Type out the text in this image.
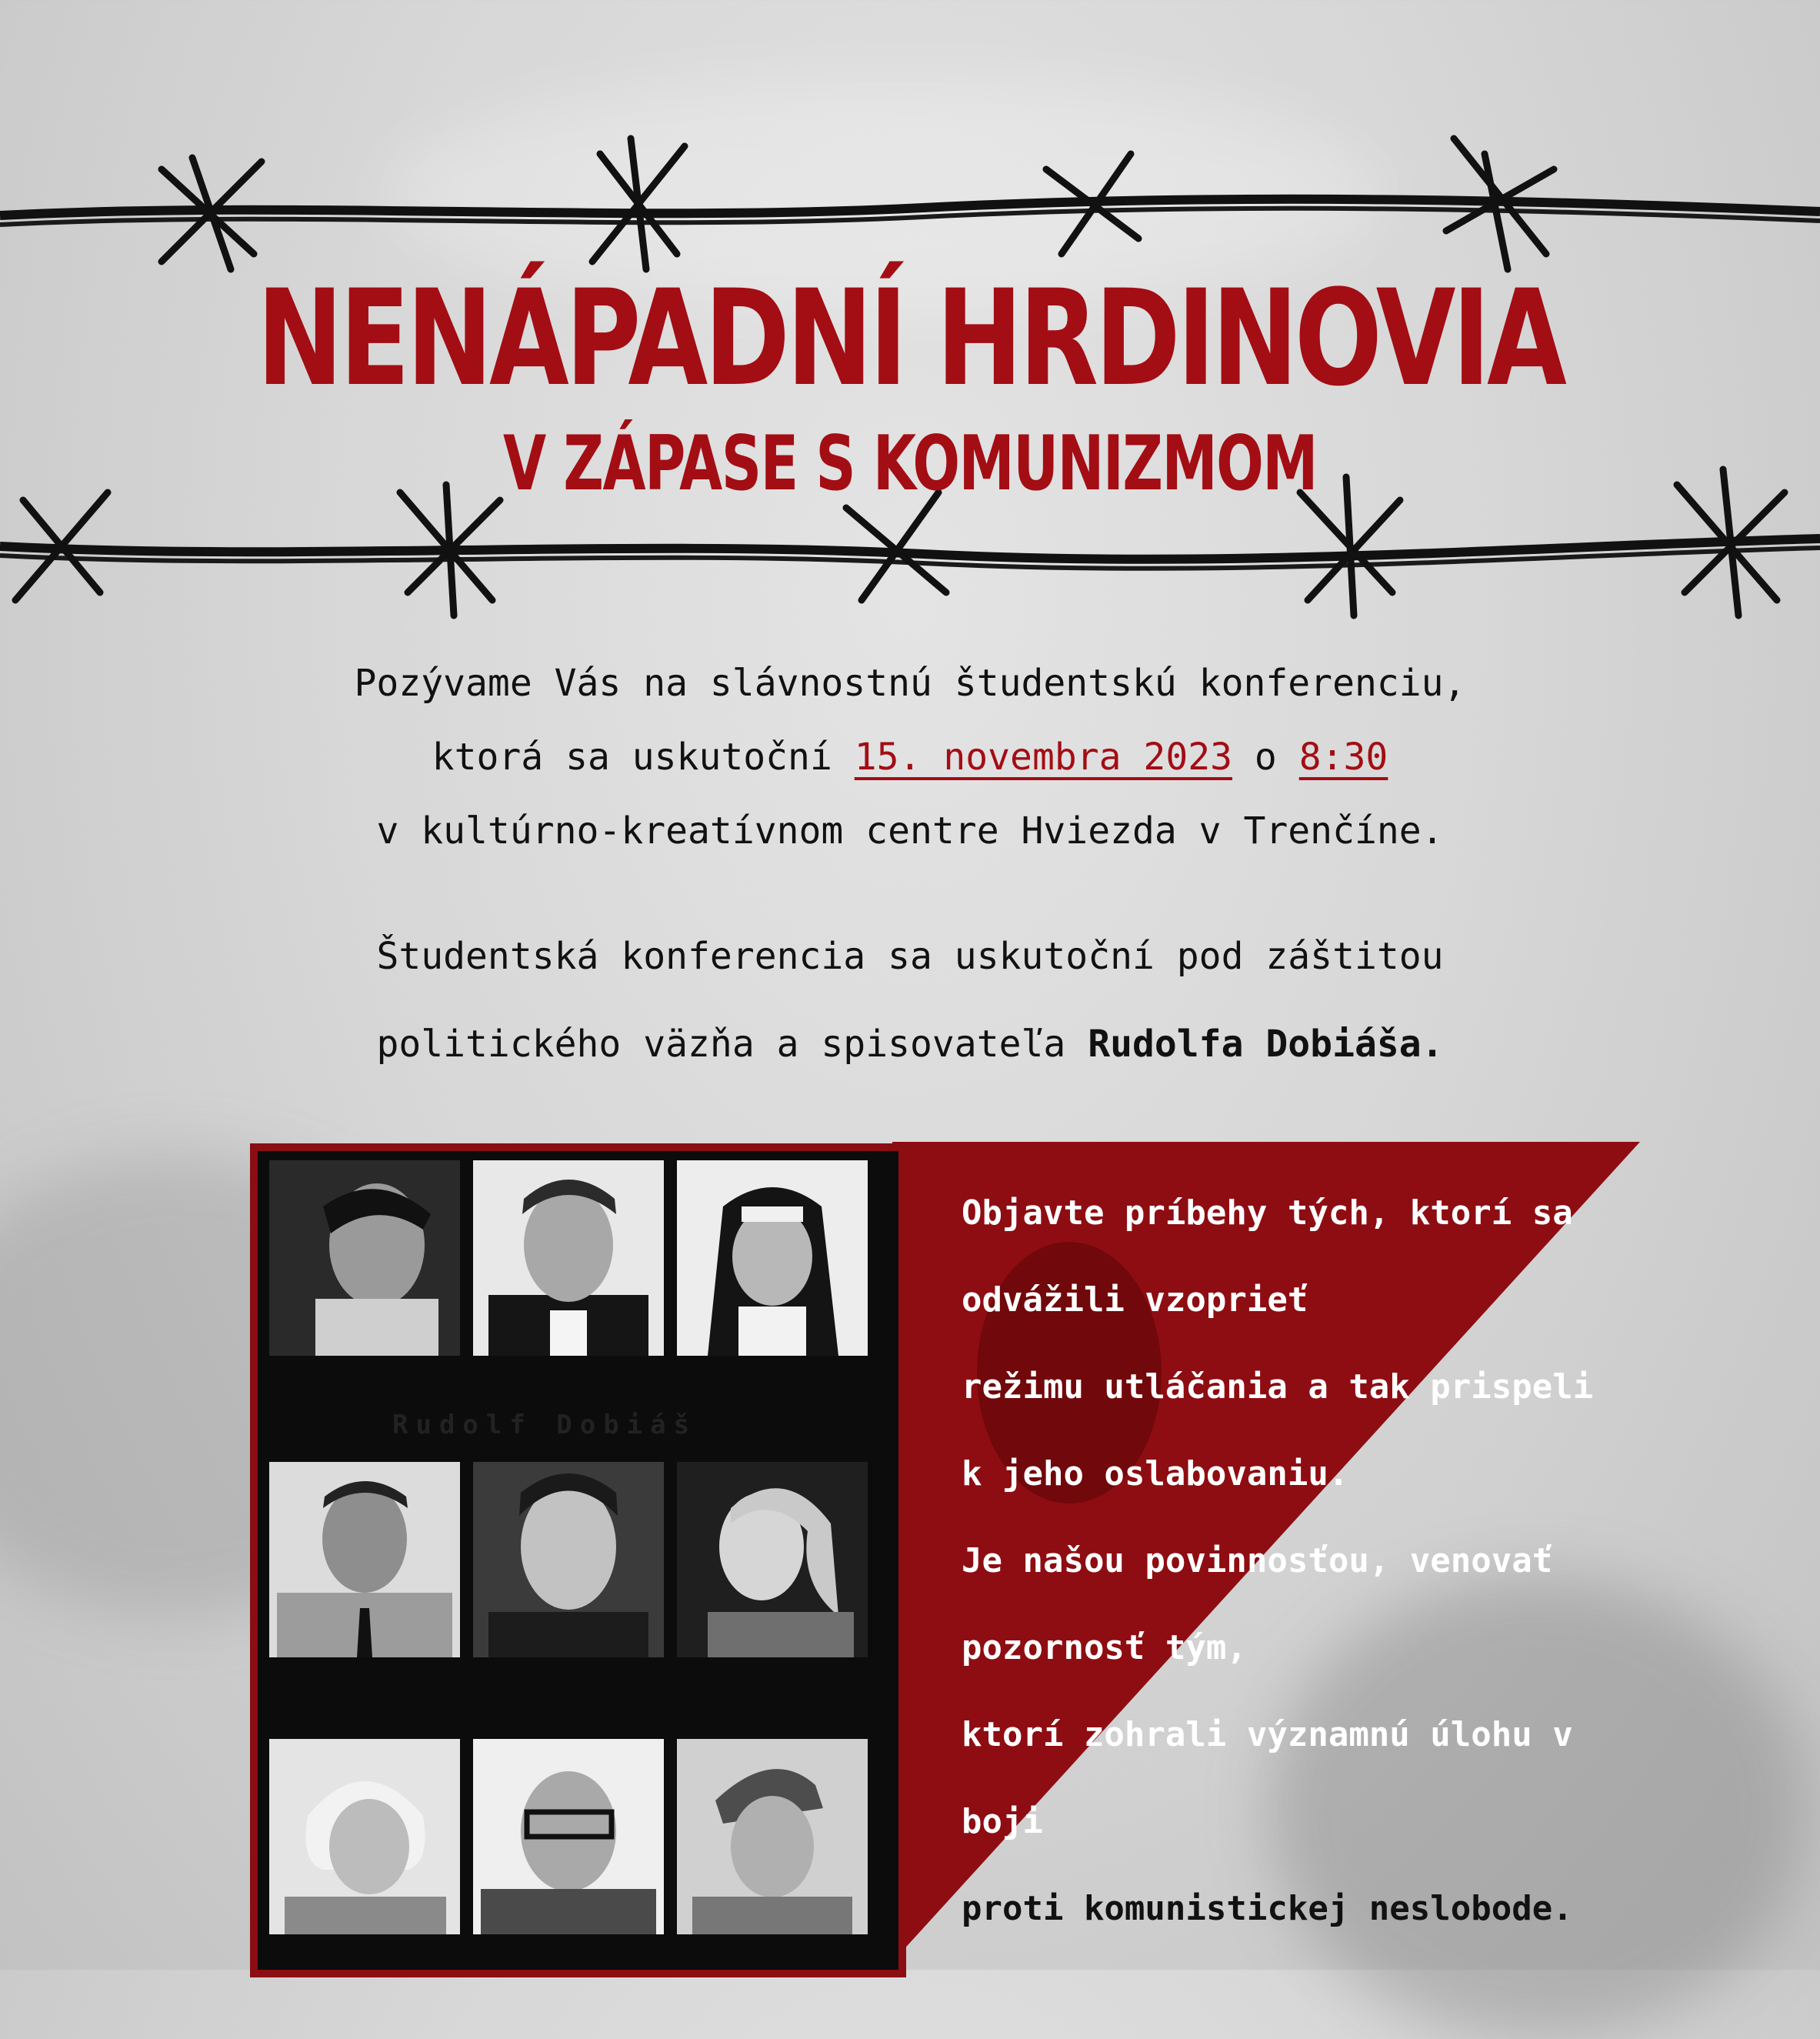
NENÁPADNÍ HRDINOVIA
V ZÁPASE S KOMUNIZMOM
Pozývame Vás na slávnostnú študentskú konferenciu,
ktorá sa uskutoční 15. novembra 2023 o 8:30
v kultúrno-kreatívnom centre Hviezda v Trenčíne.
Študentská konferencia sa uskutoční pod záštitou
politického väzňa a spisovateľa Rudolfa Dobiáša.
Rudolf Dobiáš
Objavte príbehy tých, ktorí sa
odvážili vzoprieť
režimu utláčania a tak prispeli
k jeho oslabovaniu.
Je našou povinnosťou, venovať
pozornosť tým,
ktorí zohrali významnú úlohu v
boji
proti komunistickej neslobode.
